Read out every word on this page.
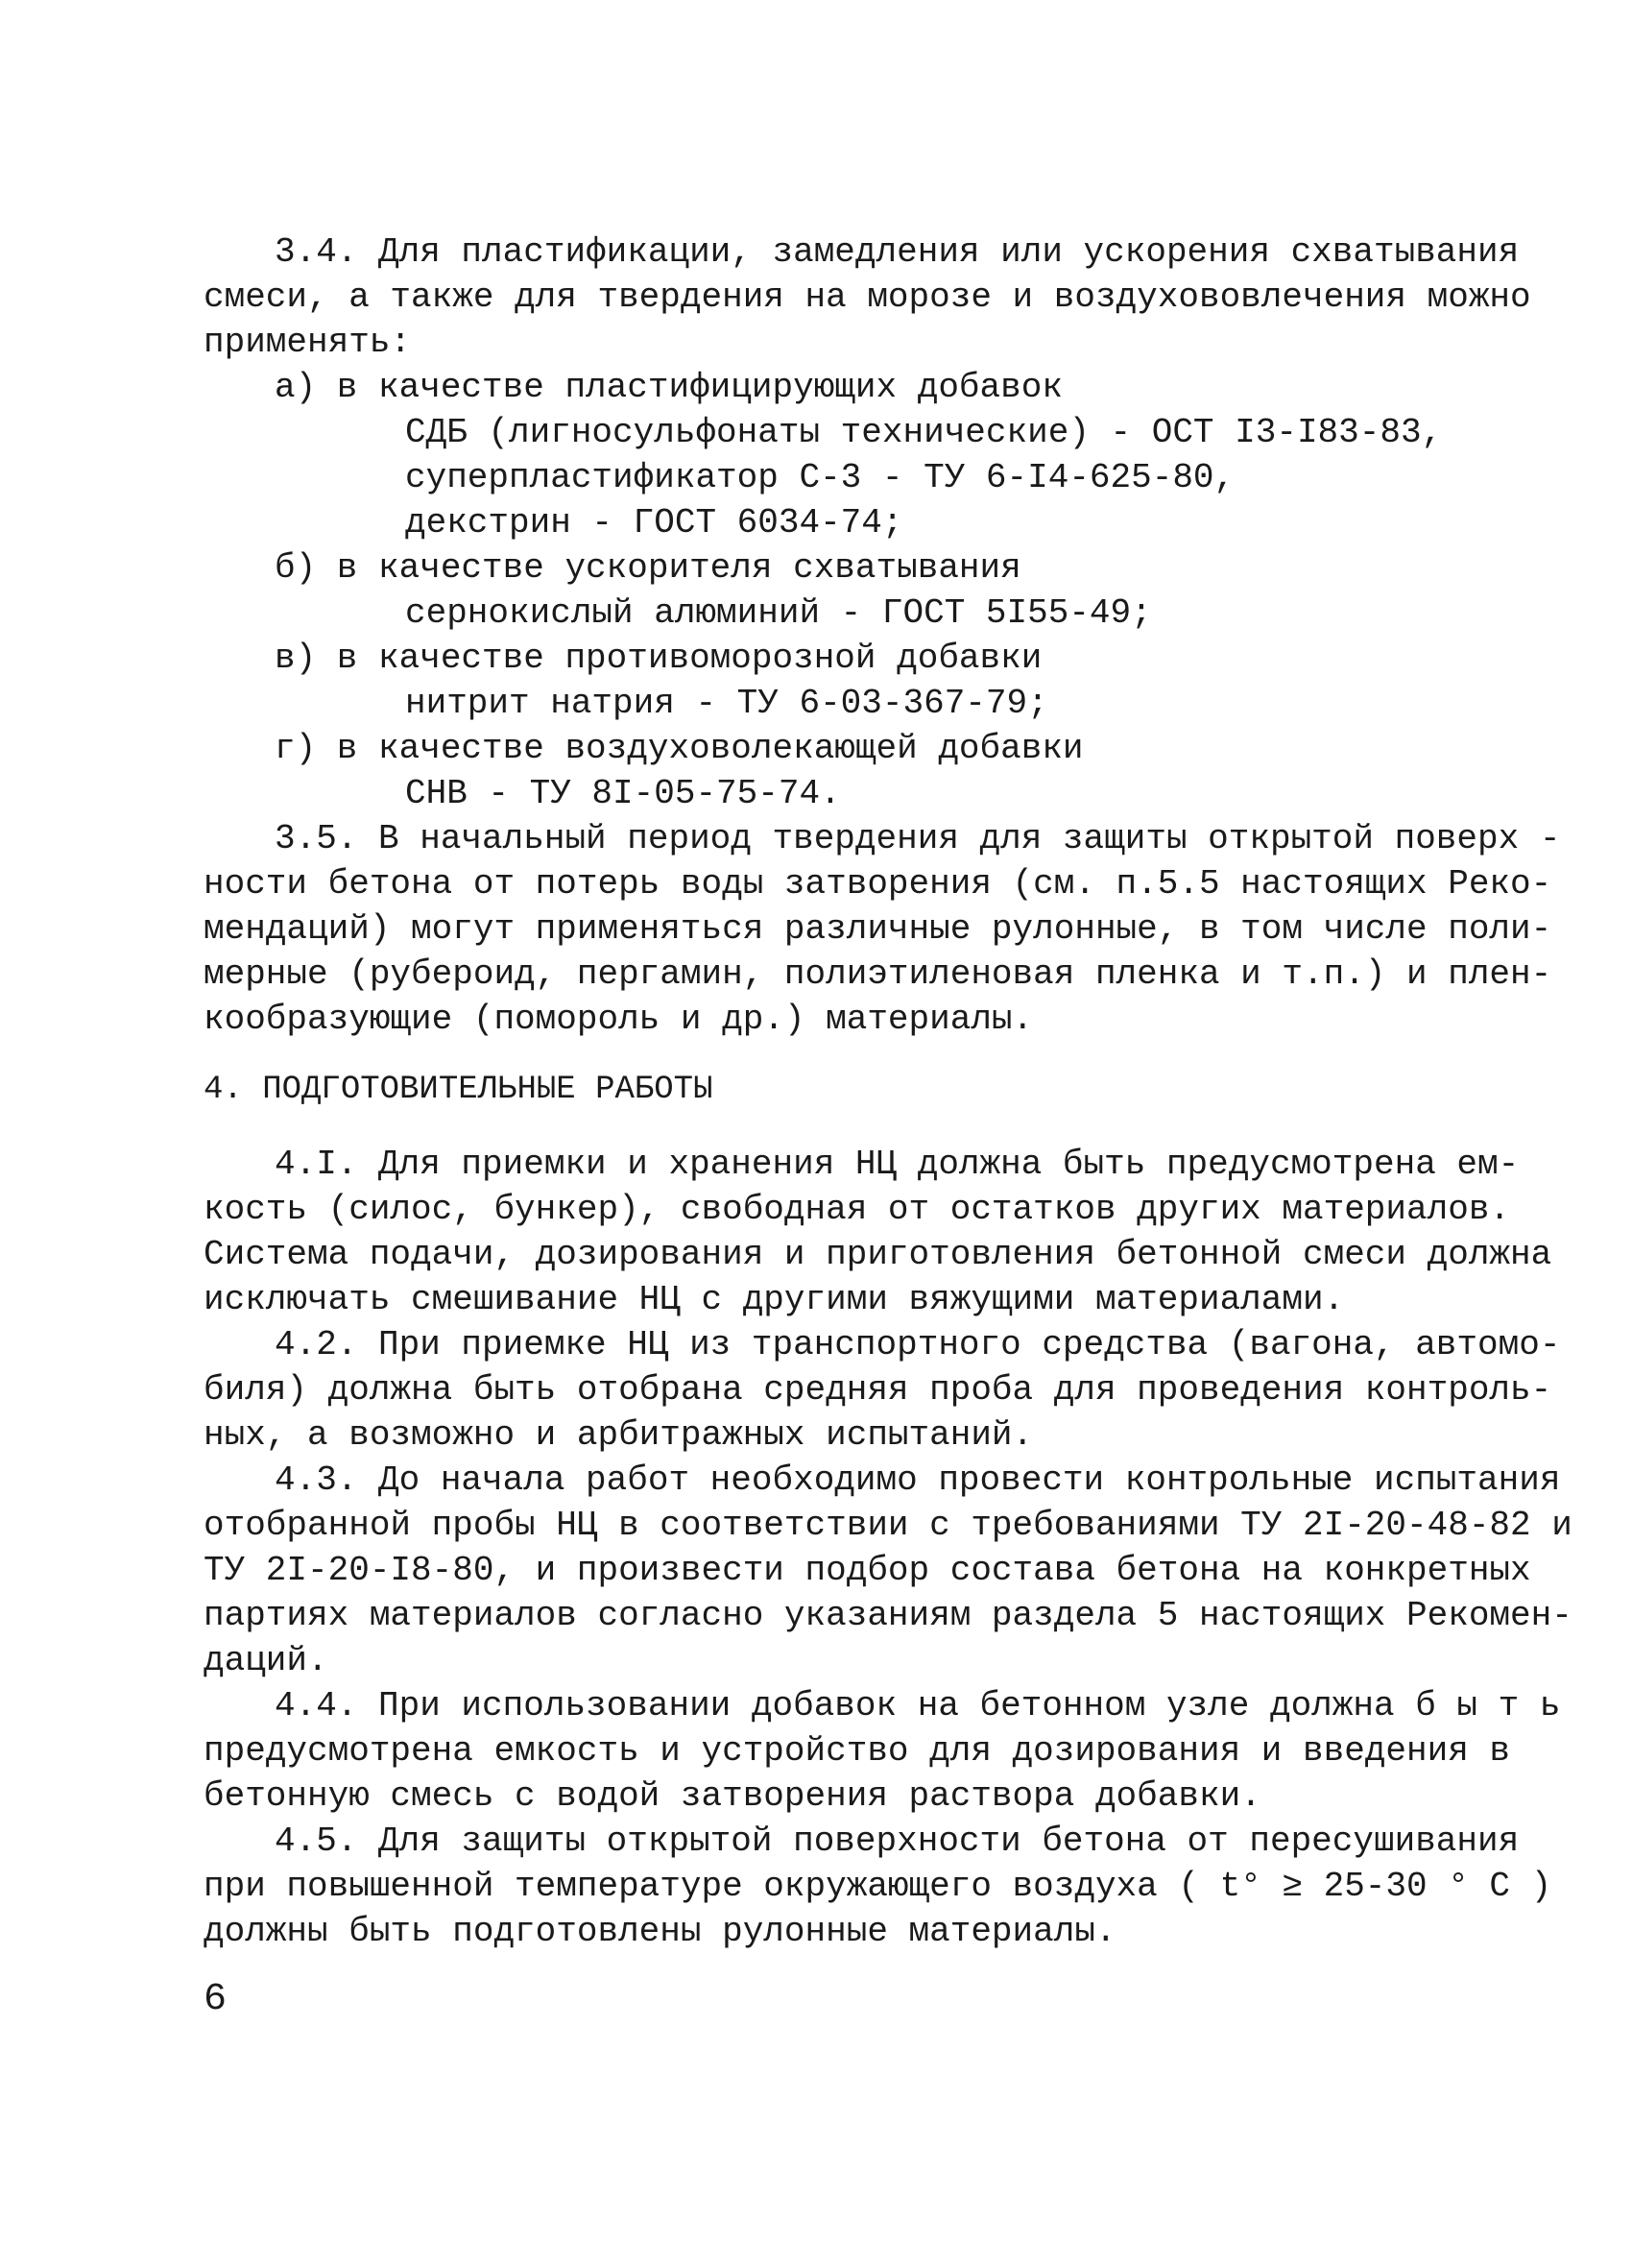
3.4. Для пластификации, замедления или ускорения схватывания
смеси, а также для твердения на морозе и воздухововлечения можно
применять:
а) в качестве пластифицирующих добавок
СДБ (лигносульфонаты технические) - ОСТ I3-I83-83,
суперпластификатор С-3 - ТУ 6-I4-625-80,
декстрин - ГОСТ 6034-74;
б) в качестве ускорителя схватывания
сернокислый алюминий - ГОСТ 5I55-49;
в) в качестве противоморозной добавки
нитрит натрия - ТУ 6-03-367-79;
г) в качестве воздуховолекающей добавки
СНВ - ТУ 8I-05-75-74.
3.5. В начальный период твердения для защиты открытой поверх -
ности бетона от потерь воды затворения (см. п.5.5 настоящих Реко-
мендаций) могут применяться различные рулонные, в том числе поли-
мерные (рубероид, пергамин, полиэтиленовая пленка и т.п.) и плен-
кообразующие (помороль и др.) материалы.
4. ПОДГОТОВИТЕЛЬНЫЕ РАБОТЫ
4.I. Для приемки и хранения НЦ должна быть предусмотрена ем-
кость (силос, бункер), свободная от остатков других материалов.
Система подачи, дозирования и приготовления бетонной смеси должна
исключать смешивание НЦ с другими вяжущими материалами.
4.2. При приемке НЦ из транспортного средства (вагона, автомо-
биля) должна быть отобрана средняя проба для проведения контроль-
ных, а возможно и арбитражных испытаний.
4.3. До начала работ необходимо провести контрольные испытания
отобранной пробы НЦ в соответствии с требованиями ТУ 2I-20-48-82 и
ТУ 2I-20-I8-80, и произвести подбор состава бетона на конкретных
партиях материалов согласно указаниям раздела 5 настоящих Рекомен-
даций.
4.4. При использовании добавок на бетонном узле должна б ы т ь
предусмотрена емкость и устройство для дозирования и введения в
бетонную смесь с водой затворения раствора добавки.
4.5. Для защиты открытой поверхности бетона от пересушивания
при повышенной температуре окружающего воздуха ( t° ≥ 25-30 ° С )
должны быть подготовлены рулонные материалы.
6
